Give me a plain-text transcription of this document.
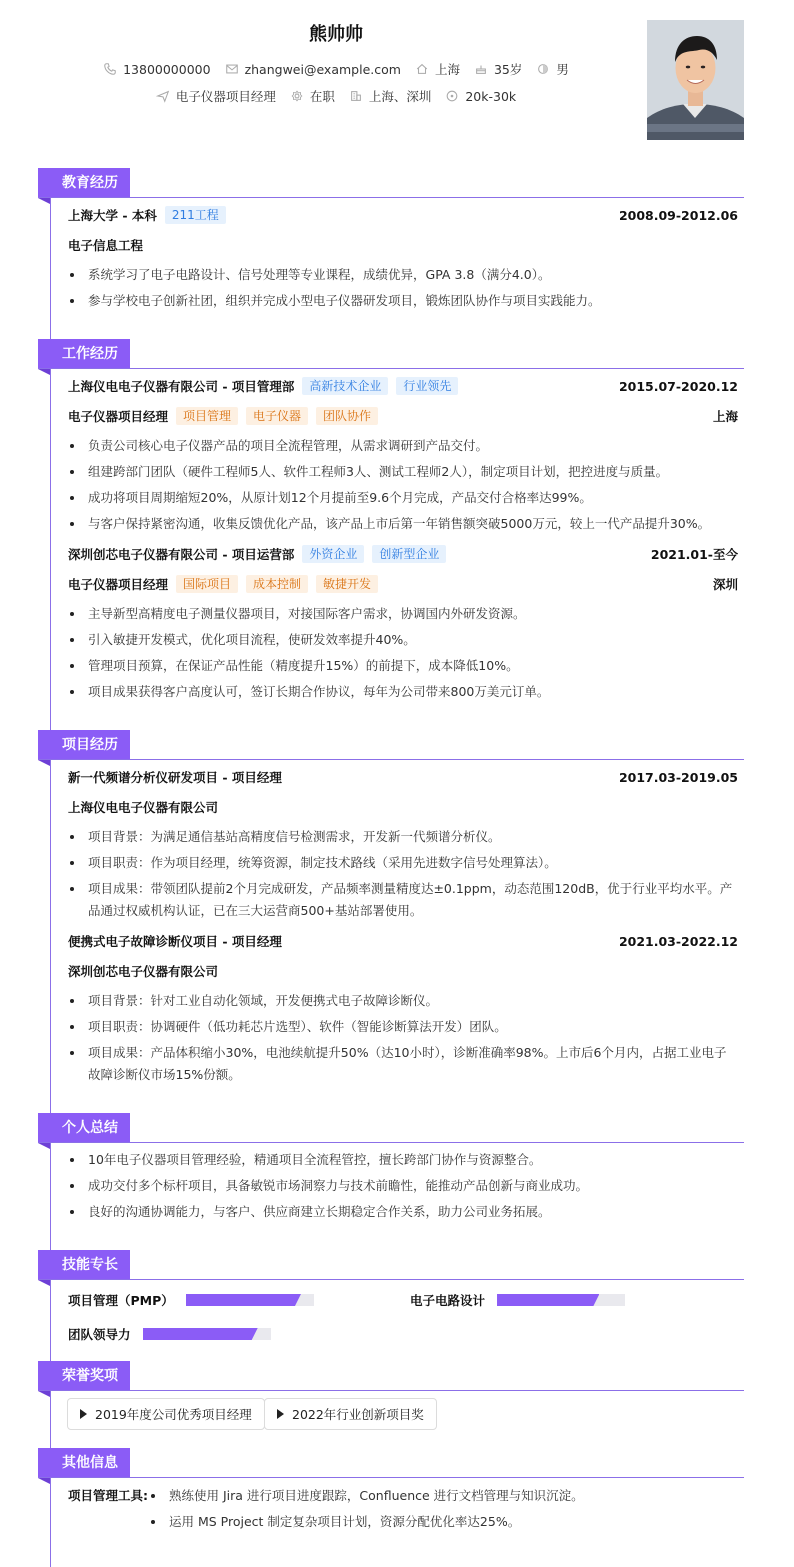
熊帅帅
13800000000	zhangwei@example.com	上海	35岁	男
电子仪器项目经理	在职	上海、深圳	20k-30k
教育经历
上海大学 - 本科	211工程	2008.09-2012.06
电子信息工程
系统学习了电子电路设计、信号处理等专业课程，成绩优异，GPA 3.8（满分4.0）。
参与学校电子创新社团，组织并完成小型电子仪器研发项目，锻炼团队协作与项目实践能力。
工作经历
上海仪电电子仪器有限公司 - 项目管理部	高新技术企业	行业领先	2015.07-2020.12
电子仪器项目经理	项目管理	电子仪器	团队协作	上海
负责公司核心电子仪器产品的项目全流程管理，从需求调研到产品交付。
组建跨部门团队（硬件工程师5人、软件工程师3人、测试工程师2人），制定项目计划，把控进度与质量。
成功将项目周期缩短20%，从原计划12个月提前至9.6个月完成，产品交付合格率达99%。
与客户保持紧密沟通，收集反馈优化产品，该产品上市后第一年销售额突破5000万元，较上一代产品提升30%。
深圳创芯电子仪器有限公司 - 项目运营部	外资企业	创新型企业	2021.01-至今
电子仪器项目经理	国际项目	成本控制	敏捷开发	深圳
主导新型高精度电子测量仪器项目，对接国际客户需求，协调国内外研发资源。
引入敏捷开发模式，优化项目流程，使研发效率提升40%。
管理项目预算，在保证产品性能（精度提升15%）的前提下，成本降低10%。
项目成果获得客户高度认可，签订长期合作协议，每年为公司带来800万美元订单。
项目经历
新一代频谱分析仪研发项目 - 项目经理	2017.03-2019.05
上海仪电电子仪器有限公司
项目背景：为满足通信基站高精度信号检测需求，开发新一代频谱分析仪。
项目职责：作为项目经理，统筹资源，制定技术路线（采用先进数字信号处理算法）。
项目成果：带领团队提前2个月完成研发，产品频率测量精度达±0.1ppm，动态范围120dB，优于行业平均水平。产品通过权威机构认证，已在三大运营商500+基站部署使用。
便携式电子故障诊断仪项目 - 项目经理	2021.03-2022.12
深圳创芯电子仪器有限公司
项目背景：针对工业自动化领域，开发便携式电子故障诊断仪。
项目职责：协调硬件（低功耗芯片选型）、软件（智能诊断算法开发）团队。
项目成果：产品体积缩小30%，电池续航提升50%（达10小时），诊断准确率98%。上市后6个月内，占据工业电子故障诊断仪市场15%份额。
个人总结
10年电子仪器项目管理经验，精通项目全流程管控，擅长跨部门协作与资源整合。
成功交付多个标杆项目，具备敏锐市场洞察力与技术前瞻性，能推动产品创新与商业成功。
良好的沟通协调能力，与客户、供应商建立长期稳定合作关系，助力公司业务拓展。
技能专长
项目管理（PMP）	电子电路设计
团队领导力
荣誉奖项
2019年度公司优秀项目经理	2022年行业创新项目奖
其他信息
项目管理工具:	熟练使用 Jira 进行项目进度跟踪，Confluence 进行文档管理与知识沉淀。
运用 MS Project 制定复杂项目计划，资源分配优化率达25%。
